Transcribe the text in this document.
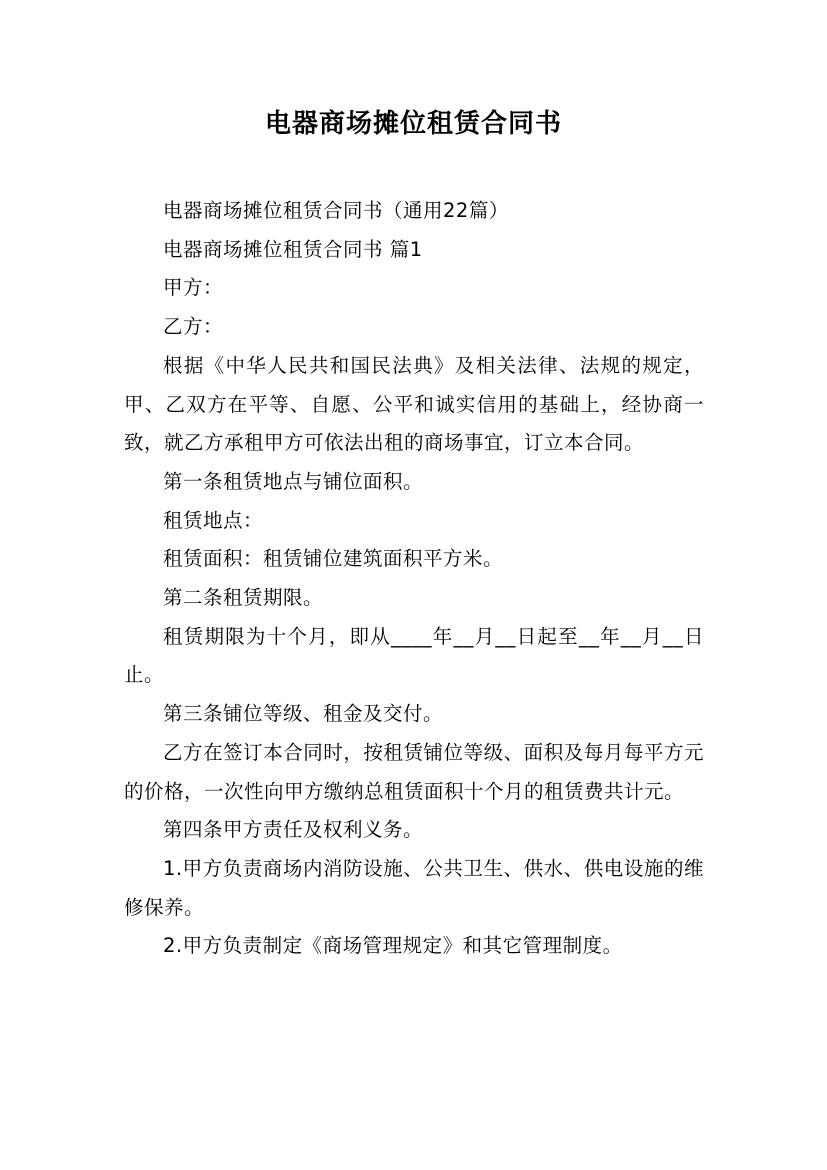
电器商场摊位租赁合同书

电器商场摊位租赁合同书（通用22篇）

电器商场摊位租赁合同书 篇1

甲方：

乙方：

根据《中华人民共和国民法典》及相关法律、法规的规定，甲、乙双方在平等、自愿、公平和诚实信用的基础上，经协商一致，就乙方承租甲方可依法出租的商场事宜，订立本合同。

第一条租赁地点与铺位面积。

租赁地点：

租赁面积：租赁铺位建筑面积平方米。

第二条租赁期限。

租赁期限为十个月，即从____年__月__日起至__年__月__日止。

第三条铺位等级、租金及交付。

乙方在签订本合同时，按租赁铺位等级、面积及每月每平方元的价格，一次性向甲方缴纳总租赁面积十个月的租赁费共计元。

第四条甲方责任及权利义务。

1.甲方负责商场内消防设施、公共卫生、供水、供电设施的维修保养。

2.甲方负责制定《商场管理规定》和其它管理制度。
